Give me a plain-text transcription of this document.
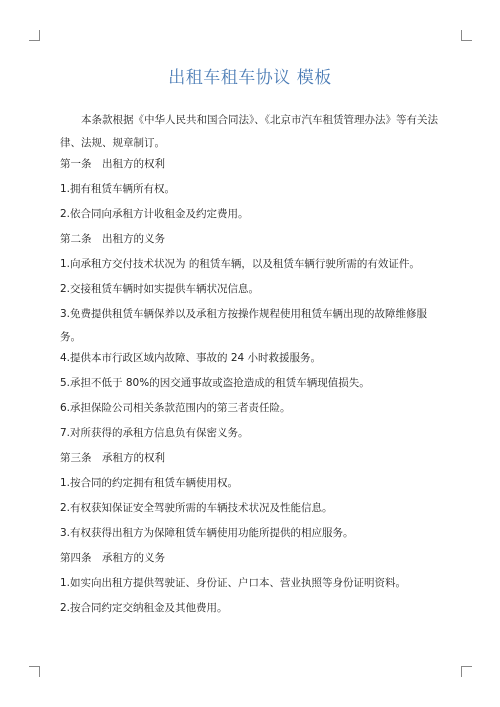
出租车租车协议 模板

本条款根据《中华人民共和国合同法》、《北京市汽车租赁管理办法》等有关法律、法规、规章制订。

第一条　出租方的权利

1.拥有租赁车辆所有权。

2.依合同向承租方计收租金及约定费用。

第二条　出租方的义务

1.向承租方交付技术状况为 的租赁车辆，以及租赁车辆行驶所需的有效证件。

2.交接租赁车辆时如实提供车辆状况信息。

3.免费提供租赁车辆保养以及承租方按操作规程使用租赁车辆出现的故障维修服务。

4.提供本市行政区域内故障、事故的 24 小时救援服务。

5.承担不低于 80%的因交通事故或盗抢造成的租赁车辆现值损失。

6.承担保险公司相关条款范围内的第三者责任险。

7.对所获得的承租方信息负有保密义务。

第三条　承租方的权利

1.按合同的约定拥有租赁车辆使用权。

2.有权获知保证安全驾驶所需的车辆技术状况及性能信息。

3.有权获得出租方为保障租赁车辆使用功能所提供的相应服务。

第四条　承租方的义务

1.如实向出租方提供驾驶证、身份证、户口本、营业执照等身份证明资料。

2.按合同约定交纳租金及其他费用。
